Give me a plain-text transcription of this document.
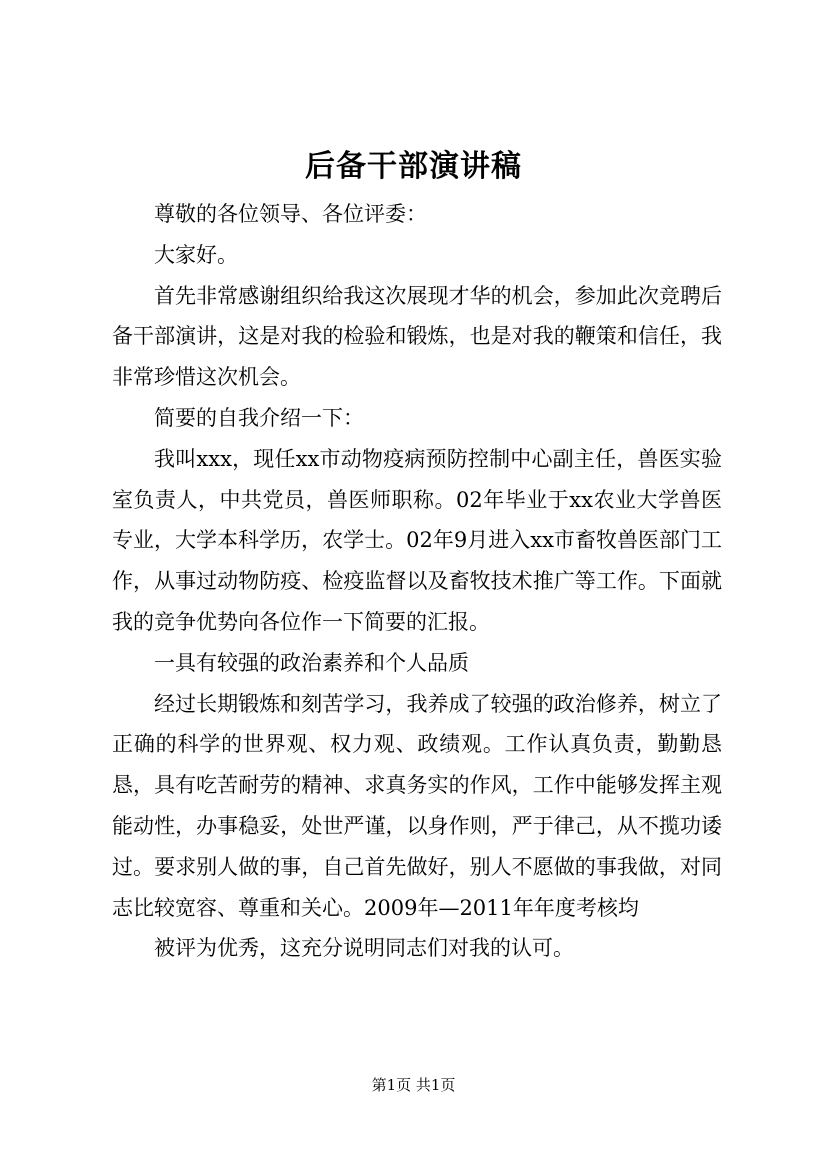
后备干部演讲稿

尊敬的各位领导、各位评委：

大家好。

首先非常感谢组织给我这次展现才华的机会，参加此次竞聘后备干部演讲，这是对我的检验和锻炼，也是对我的鞭策和信任，我非常珍惜这次机会。

简要的自我介绍一下：

我叫xxx，现任xx市动物疫病预防控制中心副主任，兽医实验室负责人，中共党员，兽医师职称。02年毕业于xx农业大学兽医专业，大学本科学历，农学士。02年9月进入xx市畜牧兽医部门工作，从事过动物防疫、检疫监督以及畜牧技术推广等工作。下面就我的竞争优势向各位作一下简要的汇报。

一具有较强的政治素养和个人品质

经过长期锻炼和刻苦学习，我养成了较强的政治修养，树立了正确的科学的世界观、权力观、政绩观。工作认真负责，勤勤恳恳，具有吃苦耐劳的精神、求真务实的作风，工作中能够发挥主观能动性，办事稳妥，处世严谨，以身作则，严于律己，从不揽功诿过。要求别人做的事，自己首先做好，别人不愿做的事我做，对同志比较宽容、尊重和关心。2009年—2011年年度考核均

被评为优秀，这充分说明同志们对我的认可。

第1页 共1页
